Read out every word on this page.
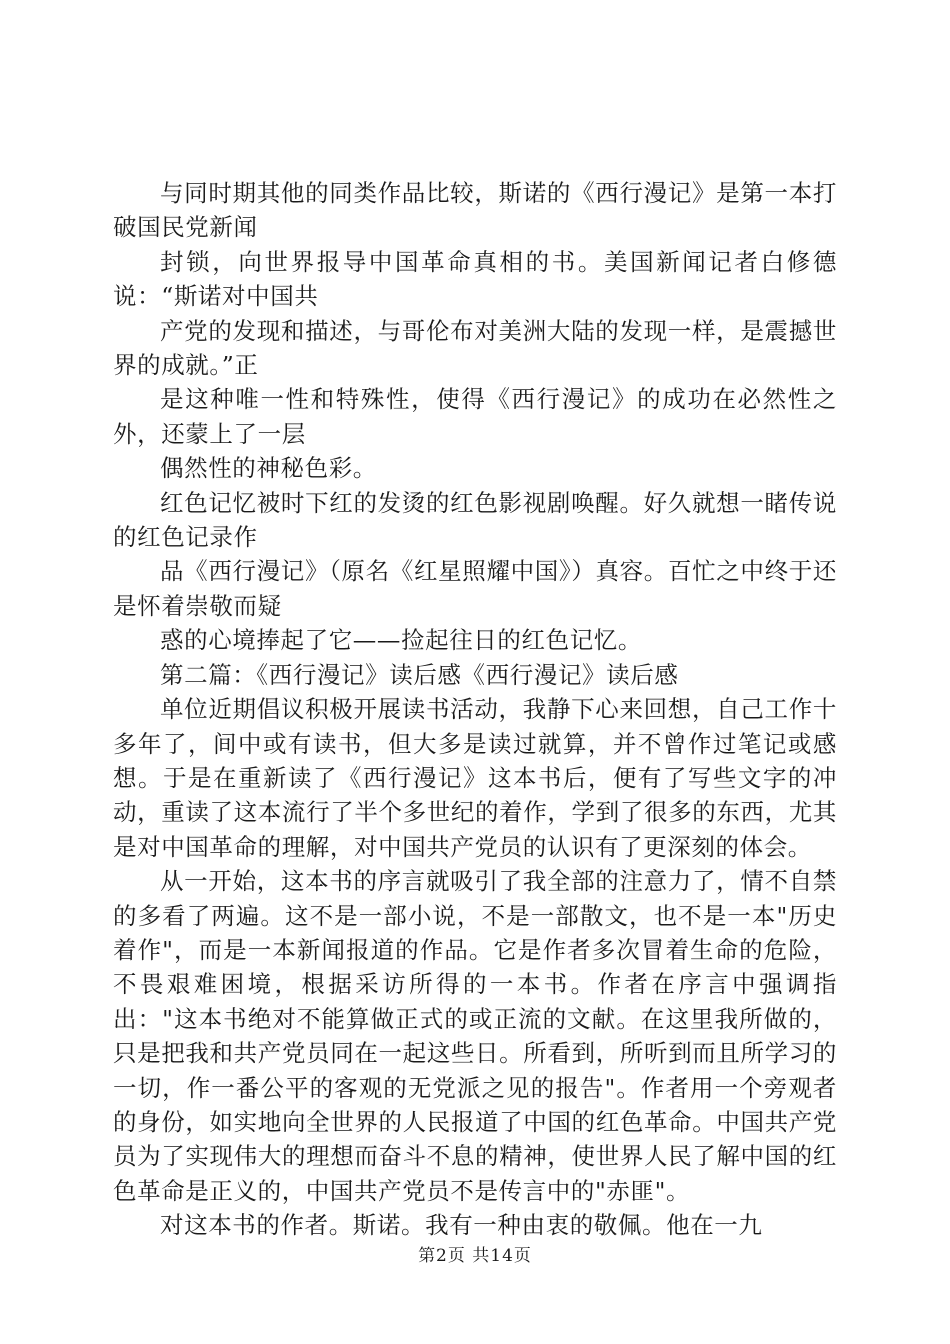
与同时期其他的同类作品比较，斯诺的《西行漫记》是第一本打破国民党新闻

封锁，向世界报导中国革命真相的书。美国新闻记者白修德说：“斯诺对中国共

产党的发现和描述，与哥伦布对美洲大陆的发现一样，是震撼世界的成就。”正

是这种唯一性和特殊性，使得《西行漫记》的成功在必然性之外，还蒙上了一层

偶然性的神秘色彩。

红色记忆被时下红的发烫的红色影视剧唤醒。好久就想一睹传说的红色记录作

品《西行漫记》（原名《红星照耀中国》）真容。百忙之中终于还是怀着崇敬而疑

惑的心境捧起了它——捡起往日的红色记忆。

第二篇：《西行漫记》读后感《西行漫记》读后感

单位近期倡议积极开展读书活动，我静下心来回想，自己工作十多年了，间中或有读书，但大多是读过就算，并不曾作过笔记或感想。于是在重新读了《西行漫记》这本书后，便有了写些文字的冲动，重读了这本流行了半个多世纪的着作，学到了很多的东西，尤其是对中国革命的理解，对中国共产党员的认识有了更深刻的体会。

从一开始，这本书的序言就吸引了我全部的注意力了，情不自禁的多看了两遍。这不是一部小说，不是一部散文，也不是一本"历史着作"，而是一本新闻报道的作品。它是作者多次冒着生命的危险，不畏艰难困境，根据采访所得的一本书。作者在序言中强调指出："这本书绝对不能算做正式的或正流的文献。在这里我所做的，只是把我和共产党员同在一起这些日。所看到，所听到而且所学习的一切，作一番公平的客观的无党派之见的报告"。作者用一个旁观者的身份，如实地向全世界的人民报道了中国的红色革命。中国共产党员为了实现伟大的理想而奋斗不息的精神，使世界人民了解中国的红色革命是正义的，中国共产党员不是传言中的"赤匪"。

对这本书的作者。斯诺。我有一种由衷的敬佩。他在一九

第2页 共14页
